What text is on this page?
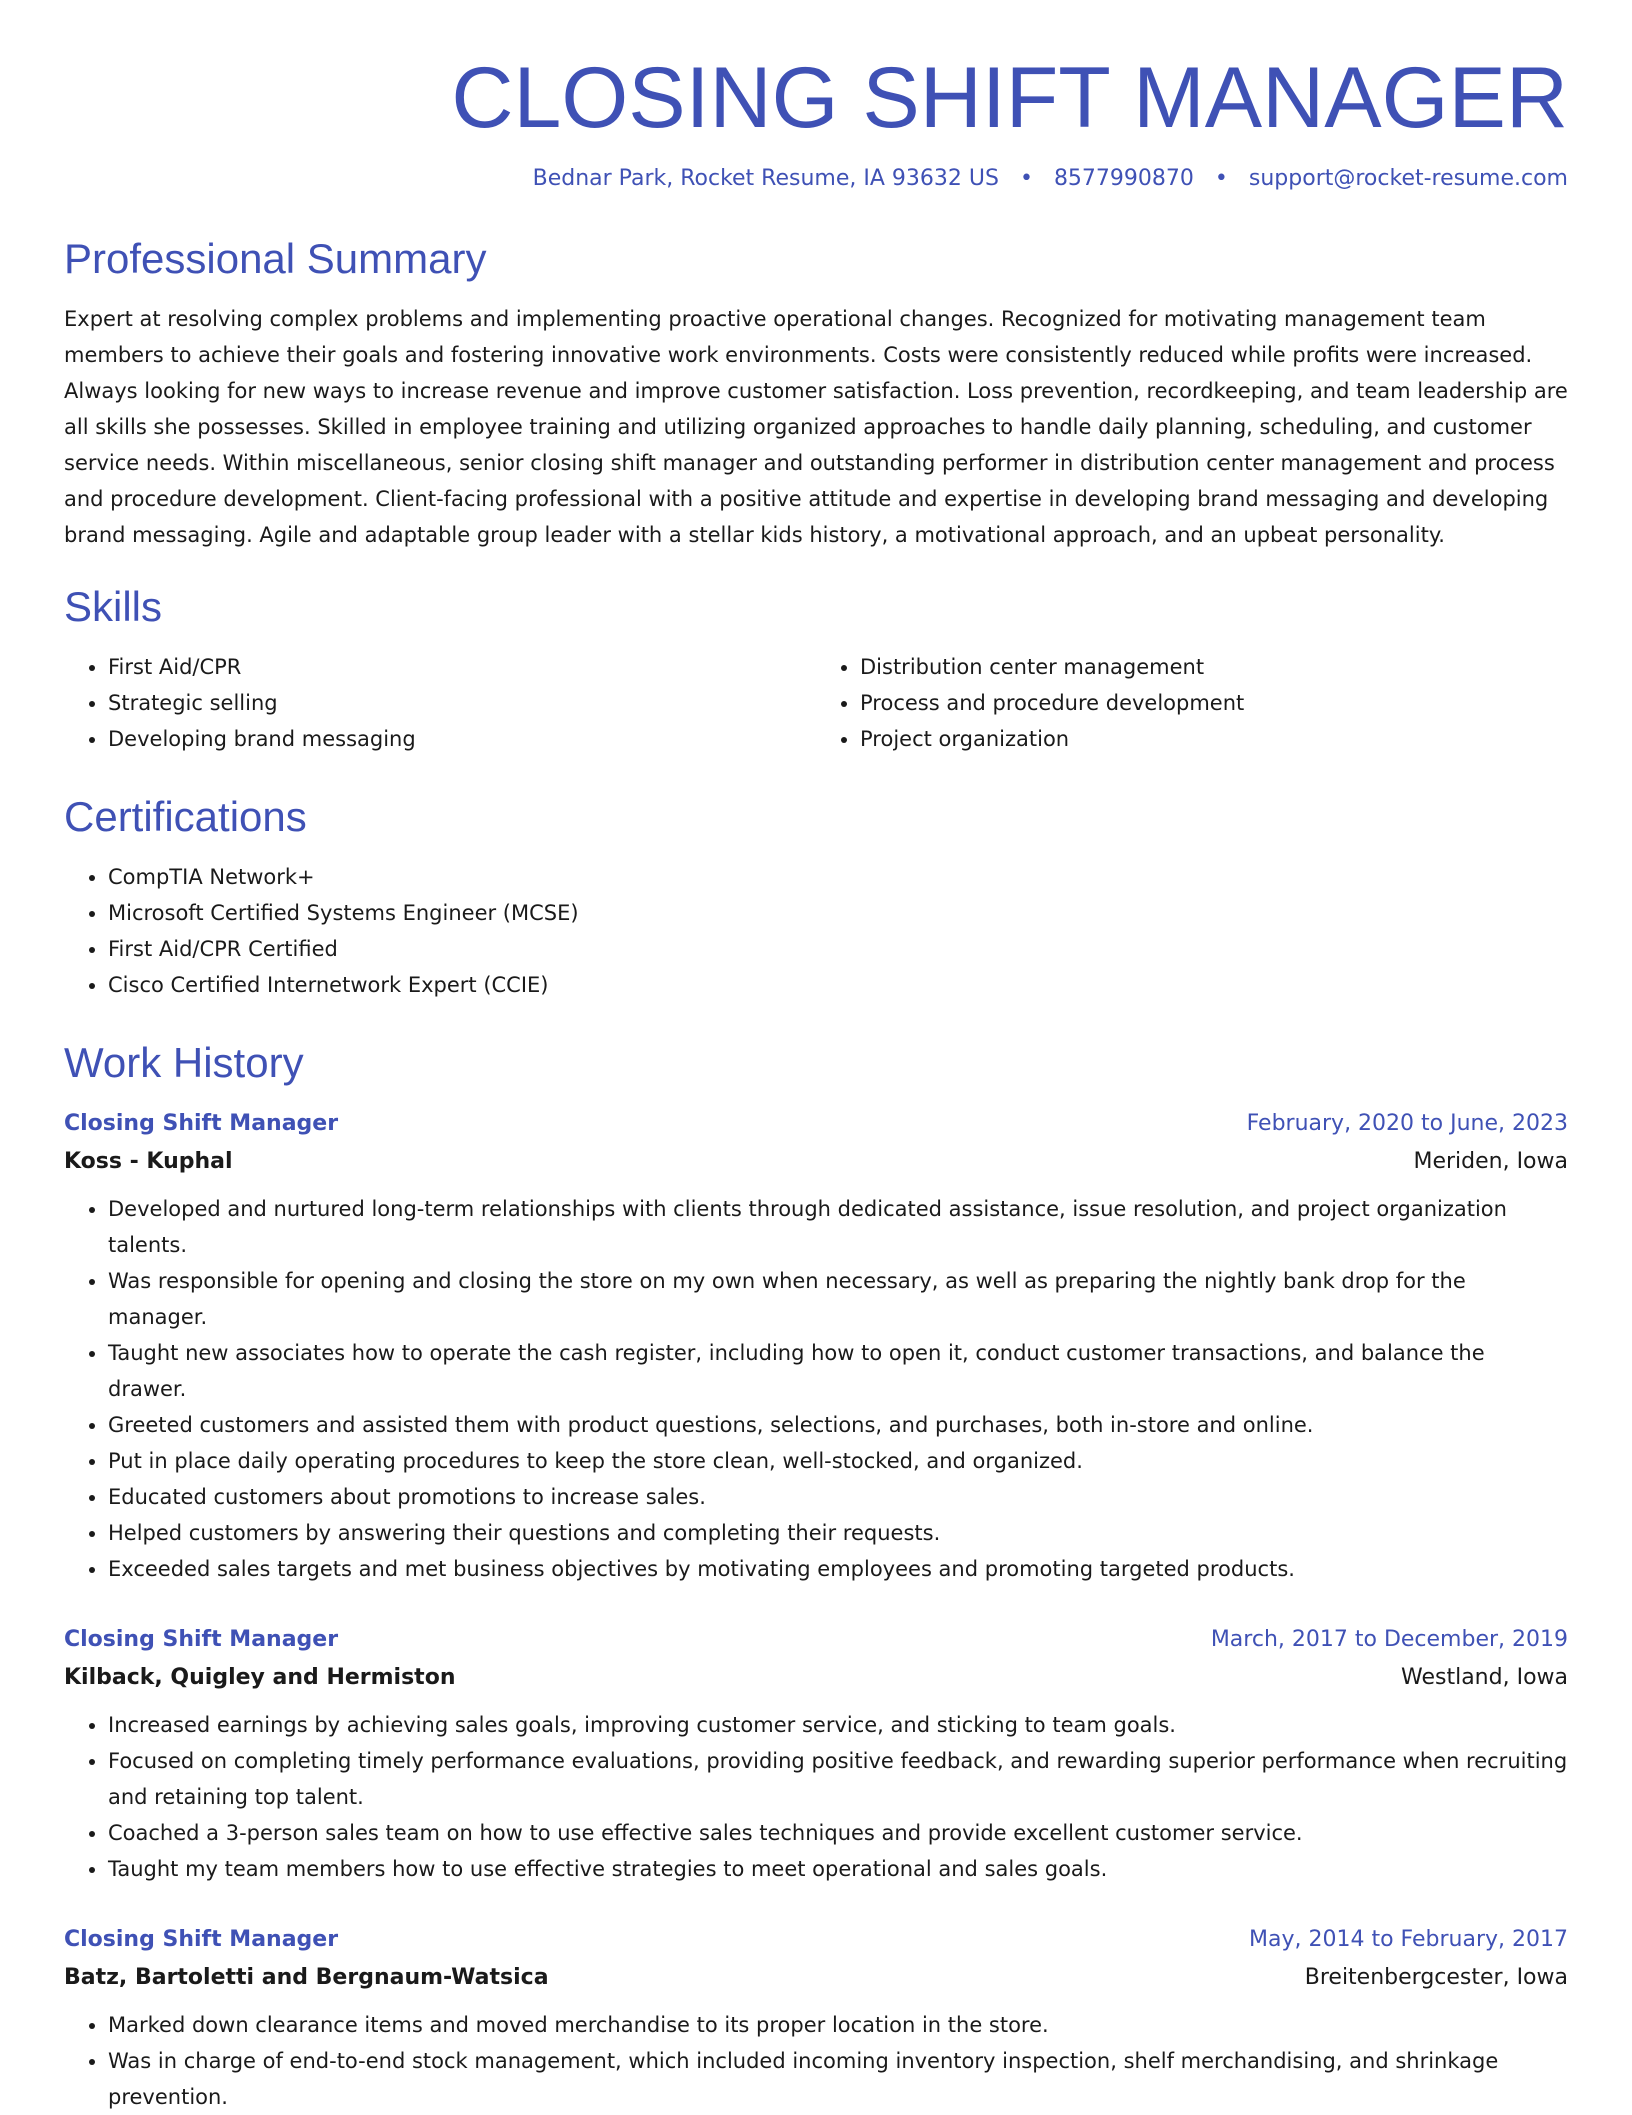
CLOSING SHIFT MANAGER
Bednar Park, Rocket Resume, IA 93632 US • 8577990870 • support@rocket-resume.com
Professional Summary

Expert at resolving complex problems and implementing proactive operational changes. Recognized for motivating management team members to achieve their goals and fostering innovative work environments. Costs were consistently reduced while profits were increased. Always looking for new ways to increase revenue and improve customer satisfaction. Loss prevention, recordkeeping, and team leadership are all skills she possesses. Skilled in employee training and utilizing organized approaches to handle daily planning, scheduling, and customer service needs. Within miscellaneous, senior closing shift manager and outstanding performer in distribution center management and process and procedure development. Client-facing professional with a positive attitude and expertise in developing brand messaging and developing brand messaging. Agile and adaptable group leader with a stellar kids history, a motivational approach, and an upbeat personality.

Skills
• First Aid/CPR
• Strategic selling
• Developing brand messaging
• Distribution center management
• Process and procedure development
• Project organization
Certifications
• CompTIA Network+
• Microsoft Certified Systems Engineer (MCSE)
• First Aid/CPR Certified
• Cisco Certified Internetwork Expert (CCIE)
Work History
Closing Shift Manager	February, 2020 to June, 2023
Koss - Kuphal	Meriden, Iowa
• Developed and nurtured long-term relationships with clients through dedicated assistance, issue resolution, and project organization talents.
• Was responsible for opening and closing the store on my own when necessary, as well as preparing the nightly bank drop for the manager.
• Taught new associates how to operate the cash register, including how to open it, conduct customer transactions, and balance the drawer.
• Greeted customers and assisted them with product questions, selections, and purchases, both in-store and online.
• Put in place daily operating procedures to keep the store clean, well-stocked, and organized.
• Educated customers about promotions to increase sales.
• Helped customers by answering their questions and completing their requests.
• Exceeded sales targets and met business objectives by motivating employees and promoting targeted products.
Closing Shift Manager	March, 2017 to December, 2019
Kilback, Quigley and Hermiston	Westland, Iowa
• Increased earnings by achieving sales goals, improving customer service, and sticking to team goals.
• Focused on completing timely performance evaluations, providing positive feedback, and rewarding superior performance when recruiting and retaining top talent.
• Coached a 3-person sales team on how to use effective sales techniques and provide excellent customer service.
• Taught my team members how to use effective strategies to meet operational and sales goals.
Closing Shift Manager	May, 2014 to February, 2017
Batz, Bartoletti and Bergnaum-Watsica	Breitenbergcester, Iowa
• Marked down clearance items and moved merchandise to its proper location in the store.
• Was in charge of end-to-end stock management, which included incoming inventory inspection, shelf merchandising, and shrinkage prevention.
